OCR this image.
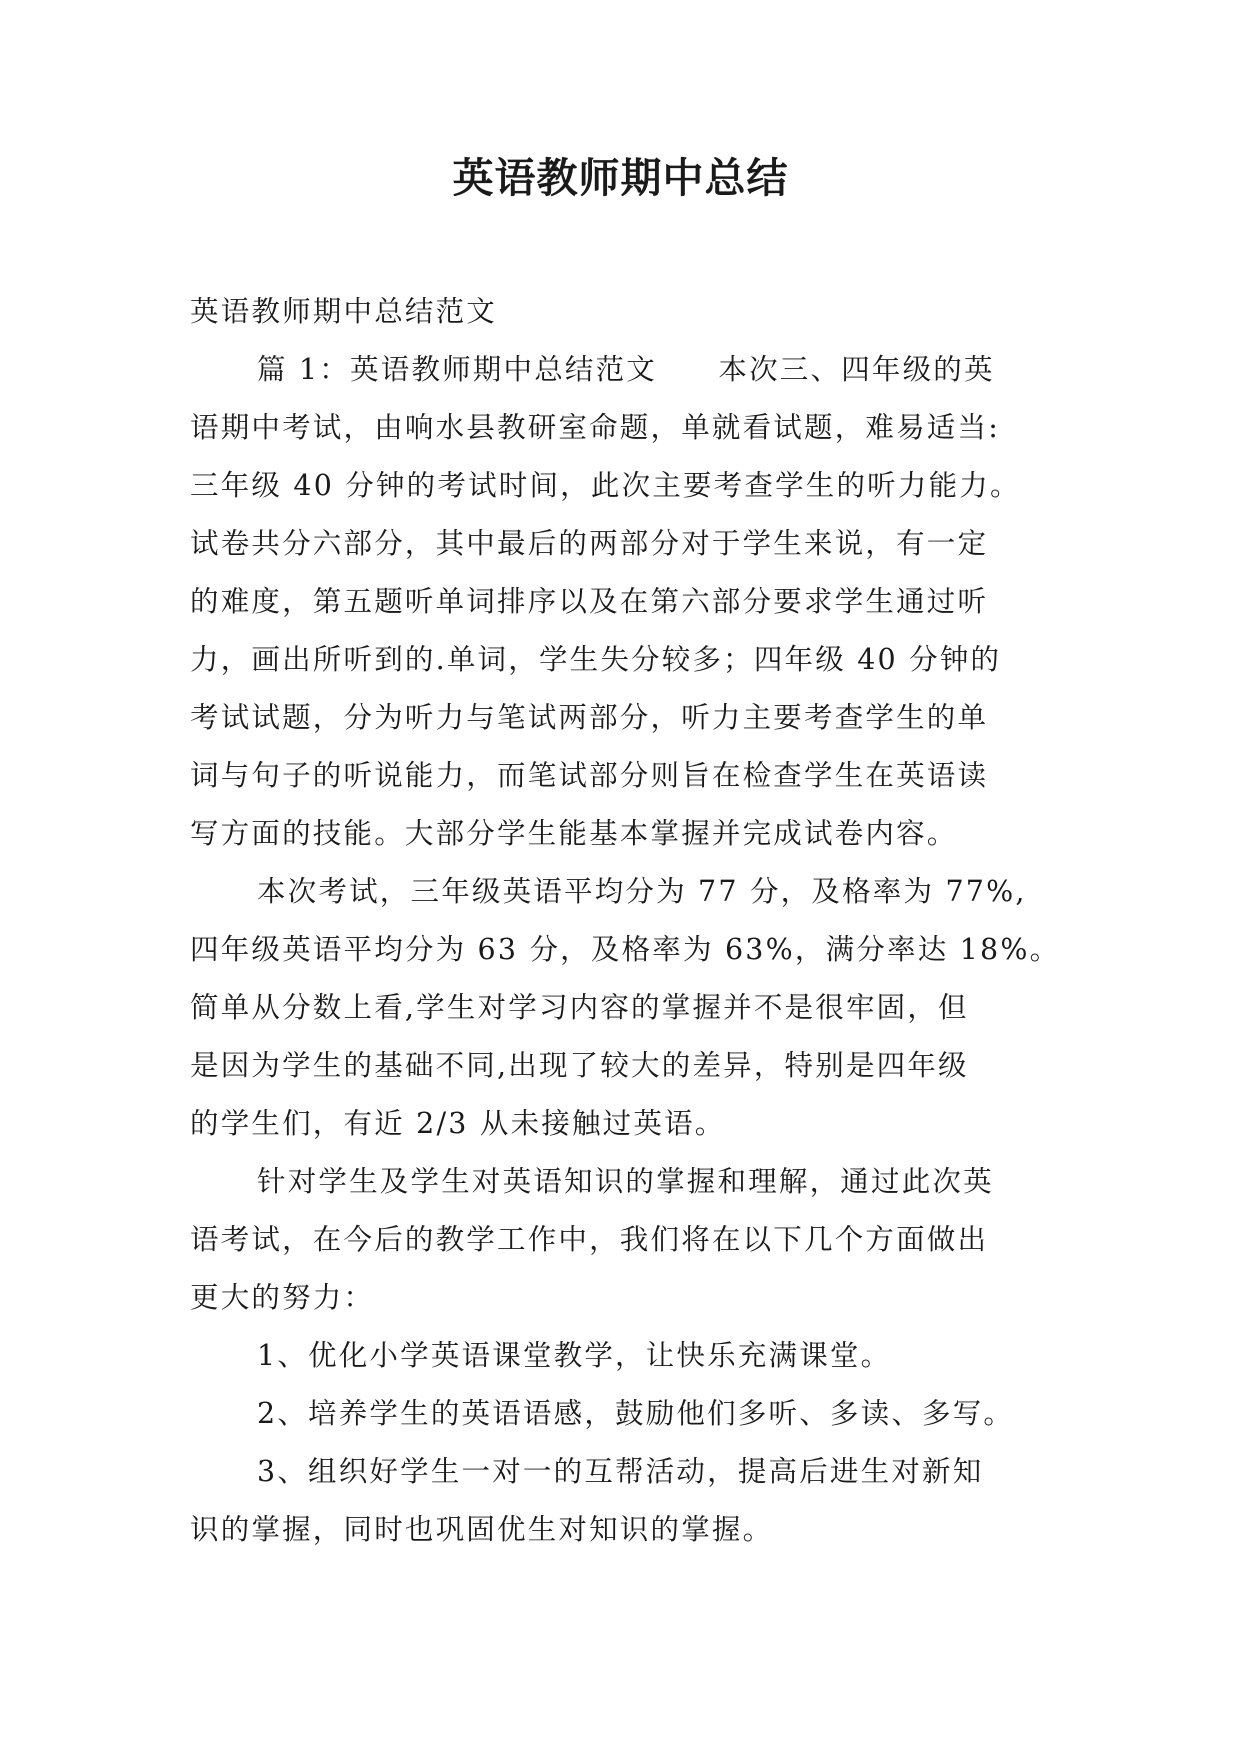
英语教师期中总结
英语教师期中总结范文
篇 1：英语教师期中总结范文　　本次三、四年级的英
语期中考试，由响水县教研室命题，单就看试题，难易适当:
三年级 40 分钟的考试时间，此次主要考查学生的听力能力。
试卷共分六部分，其中最后的两部分对于学生来说，有一定
的难度，第五题听单词排序以及在第六部分要求学生通过听
力，画出所听到的.单词，学生失分较多；四年级 40 分钟的
考试试题，分为听力与笔试两部分，听力主要考查学生的单
词与句子的听说能力，而笔试部分则旨在检查学生在英语读
写方面的技能。大部分学生能基本掌握并完成试卷内容。
本次考试，三年级英语平均分为 77 分，及格率为 77%,
四年级英语平均分为 63 分，及格率为 63%，满分率达 18%。
简单从分数上看,学生对学习内容的掌握并不是很牢固，但
是因为学生的基础不同,出现了较大的差异，特别是四年级
的学生们，有近 2/3 从未接触过英语。
针对学生及学生对英语知识的掌握和理解，通过此次英
语考试，在今后的教学工作中，我们将在以下几个方面做出
更大的努力：
1、优化小学英语课堂教学，让快乐充满课堂。
2、培养学生的英语语感，鼓励他们多听、多读、多写。
3、组织好学生一对一的互帮活动，提高后进生对新知
识的掌握，同时也巩固优生对知识的掌握。
